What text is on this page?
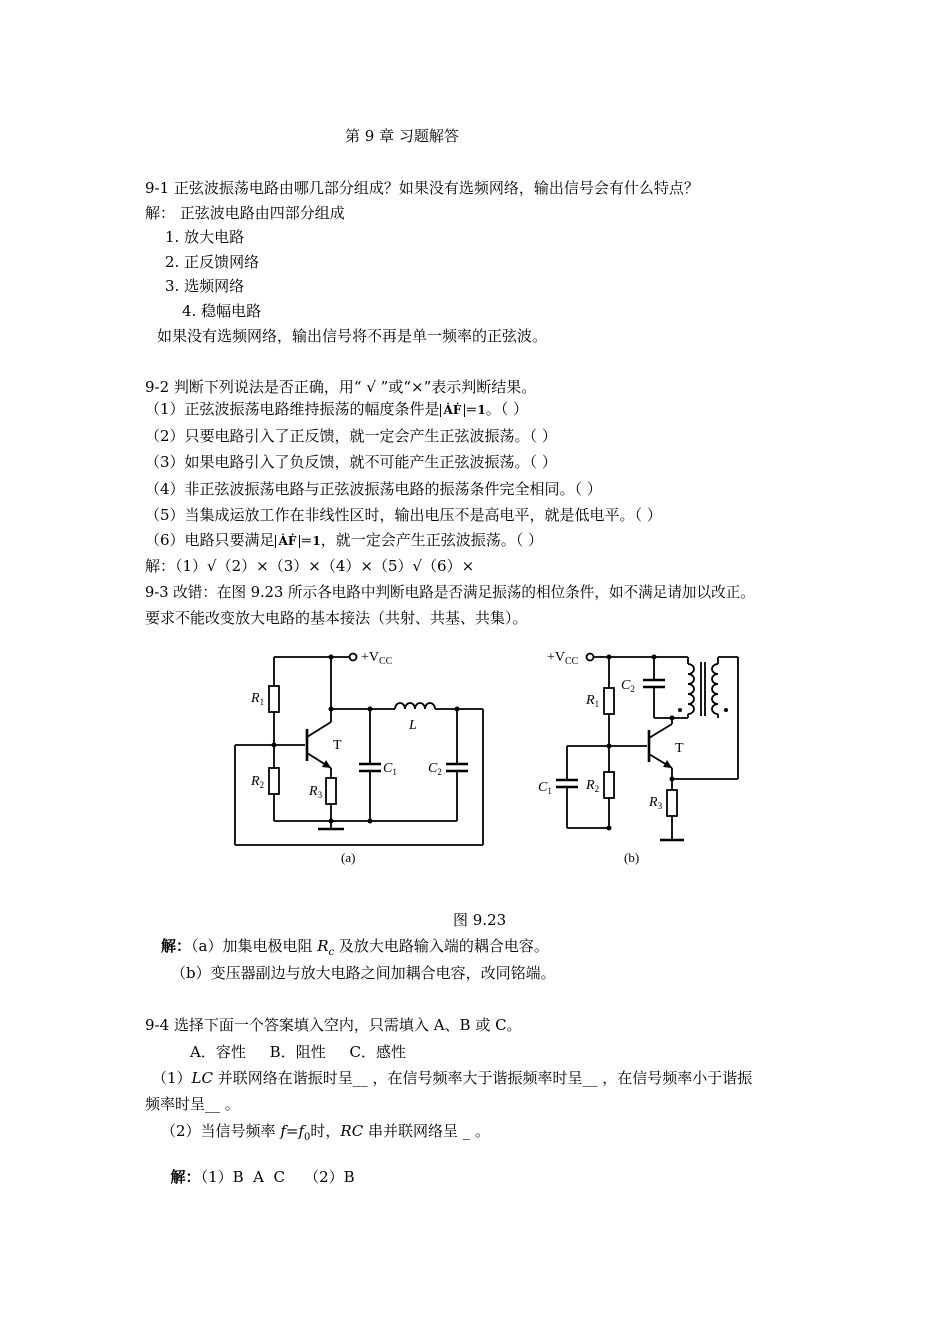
第 9 章 习题解答
9-1 正弦波振荡电路由哪几部分组成？如果没有选频网络，输出信号会有什么特点？
解： 正弦波电路由四部分组成
1. 放大电路
2. 正反馈网络
3. 选频网络
4. 稳幅电路
如果没有选频网络，输出信号将不再是单一频率的正弦波。
9-2 判断下列说法是否正确，用“ √ ”或“×”表示判断结果。
（1）正弦波振荡电路维持振荡的幅度条件是 ȦḞ ＝1。（ ）
（2）只要电路引入了正反馈，就一定会产生正弦波振荡。（ ）
（3）如果电路引入了负反馈，就不可能产生正弦波振荡。（ ）
（4）非正弦波振荡电路与正弦波振荡电路的振荡条件完全相同。（ ）
（5）当集成运放工作在非线性区时，输出电压不是高电平，就是低电平。（ ）
（6）电路只要满足 ȦḞ ＝1，就一定会产生正弦波振荡。（ ）
解：（1）√（2）×（3）×（4）×（5）√（6）×
9-3 改错：在图 9.23 所示各电路中判断电路是否满足振荡的相位条件，如不满足请加以改正。
要求不能改变放大电路的基本接法（共射、共基、共集）。
$+V_{CC}$
$R_1$
$R_2$	$R_3$
T
L
$C_1$ $C_2$
(a)
$+V_{CC}$
$R_1$
$R_2$
$R_3$
T
$C_1$
$C_2$
(b)
图 9.23
解：（a）加集电极电阻 $R_c$ 及放大电路输入端的耦合电容。
（b）变压器副边与放大电路之间加耦合电容，改同铭端。
9-4 选择下面一个答案填入空内，只需填入 A、B 或 C。
A．容性     B．阻性     C．感性
（1）LC 并联网络在谐振时呈__ ，在信号频率大于谐振频率时呈__ ，在信号频率小于谐振
频率时呈__ 。
（2）当信号频率 $f=f_0$时，RC 串并联网络呈 _ 。

解：（1）B  A  C    （2）B
